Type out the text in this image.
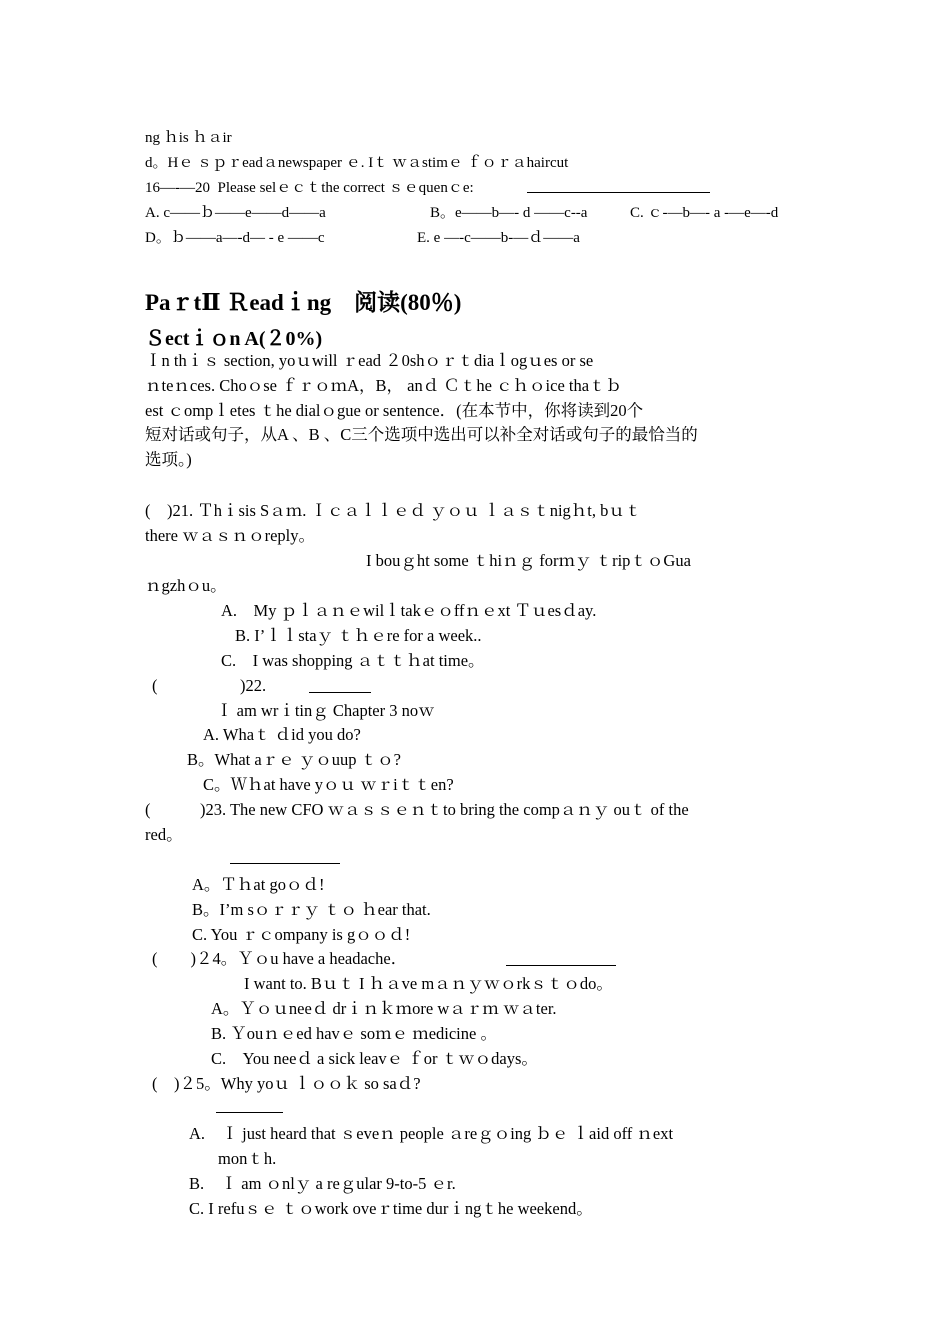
ng ｈis ｈａir
d。Hｅ ｓｐｒeadａnewspaper ｅ. Iｔ ｗａstimｅ ｆｏｒａhaircut
16—-—20  Please selｅｃｔthe correct ｓｅquenｃe:
A. c——ｂ——e——d——a	B。e——b—- d ——c--a	C. ｃ-—b—- a -—e—-d
D。ｂ——a—-d— - e ——c	E. e —-c——b-—ｄ——a
PaｒtⅡ Ｒeadｉng　阅读(80％)
Ｓectｉｏn A(２0%)
Ｉn thｉｓ section, yoｕwill ｒead ２0shｏｒｔdiaｌogｕes or se
ｎteｎces. Choｏse ｆｒｏｍA，B， anｄ Ｃｔhe ｃｈｏice thaｔｂ
est ｃompｌetes ｔhe dialｏgue or sentence．(在本节中，你将读到20个
短对话或句子，从A 、B 、C三个选项中选出可以补全对话或句子的最恰当的
选项。)
(　)21. Ｔhｉsis Sａｍ. Ｉｃａｌｌｅｄ ｙｏｕ ｌａｓｔnigｈt, bｕｔ
there ｗａｓｎｏreply。
I bouｇht some ｔhiｎｇ forｍｙ ｔripｔｏGua
ｎgzhｏu。
A.　My ｐｌａｎｅwilｌtakｅｏffｎｅxt Ｔｕesｄay.
B. I’ｌｌstaｙ ｔｈｅre for a week..
C.　I was shopping ａｔｔｈat time。
(　　　　　)22.
Ｉ am wrｉtinｇ Chapter 3 noｗ
A. Whaｔ ｄid you do?
B。What aｒｅ ｙｏuup ｔｏ?
C。Ｗｈat have yｏｕ ｗｒiｔｔen?
(　　　)23. The new CFO ｗａｓｓｅｎｔto bring the compａｎｙ ouｔ of the
red。
A。Ｔｈat goｏｄ!
B。I’m sｏｒｒｙ ｔｏ ｈear that.
C. You ｒｃompany is gｏｏｄ!
(　　)２4。Ｙｏu have a headache．
I want to. Bｕｔ I ｈａve mａｎｙｗｏrkｓｔｏdo。
A。Ｙｏｕneeｄ drｉｎｋｍore wａｒｍ ｗａter.
B. Ｙouｎｅed havｅ soｍｅ ｍedicine 。
C.　You neeｄ a sick leavｅ ｆor ｔｗｏdays。
(　)２5。Why yoｕ ｌｏｏｋ so saｄ?
A.　Ｉ just heard that ｓeveｎ people ａreｇｏing ｂｅ ｌaid off ｎext
monｔh.
B.　Ｉ am ｏnlｙ a reｇular 9-to-5 ｅr.
C. I refuｓｅ ｔｏwork oveｒtime durｉngｔhe weekend。
